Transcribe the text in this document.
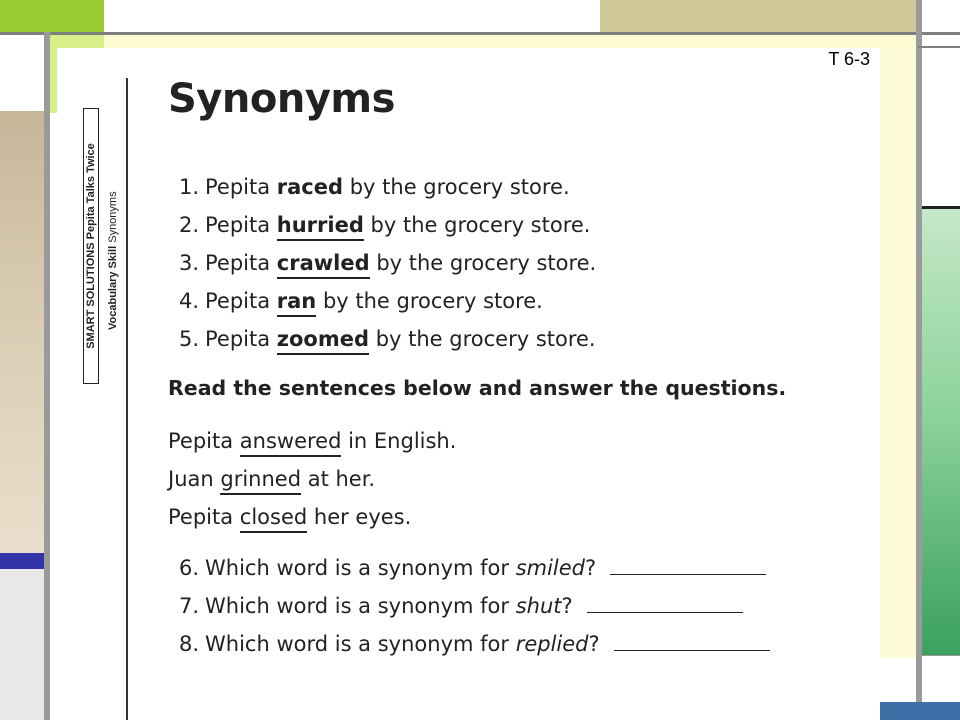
T 6-3
SMART SOLUTIONS Pepita Talks Twice
Vocabulary Skill Synonyms
Synonyms
1. Pepita raced by the grocery store.
2. Pepita hurried by the grocery store.
3. Pepita crawled by the grocery store.
4. Pepita ran by the grocery store.
5. Pepita zoomed by the grocery store.
Read the sentences below and answer the questions.
Pepita answered in English.
Juan grinned at her.
Pepita closed her eyes.
6. Which word is a synonym for smiled?
7. Which word is a synonym for shut?
8. Which word is a synonym for replied?
